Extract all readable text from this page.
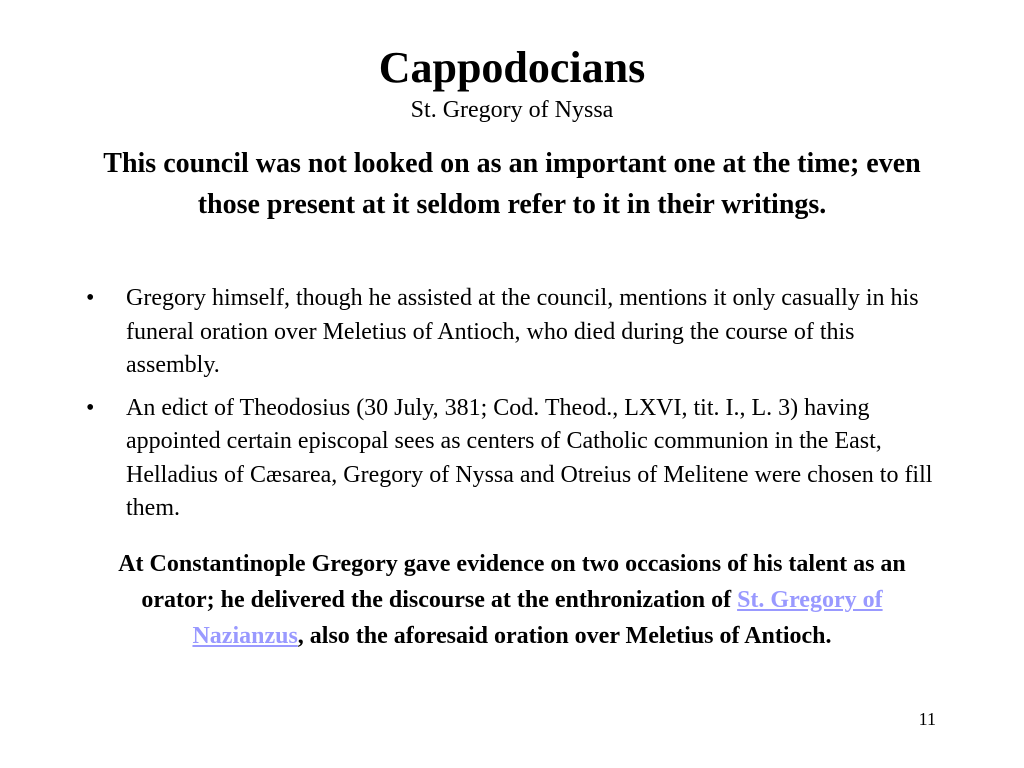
Cappodocians
St. Gregory of Nyssa

This council was not looked on as an important one at the time; even those present at it seldom refer to it in their writings.

• Gregory himself, though he assisted at the council, mentions it only casually in his funeral oration over Meletius of Antioch, who died during the course of this assembly.
• An edict of Theodosius (30 July, 381; Cod. Theod., LXVI, tit. I., L. 3) having appointed certain episcopal sees as centers of Catholic communion in the East, Helladius of Cæsarea, Gregory of Nyssa and Otreius of Melitene were chosen to fill them.

At Constantinople Gregory gave evidence on two occasions of his talent as an orator; he delivered the discourse at the enthronization of St. Gregory of Nazianzus, also the aforesaid oration over Meletius of Antioch.

11
